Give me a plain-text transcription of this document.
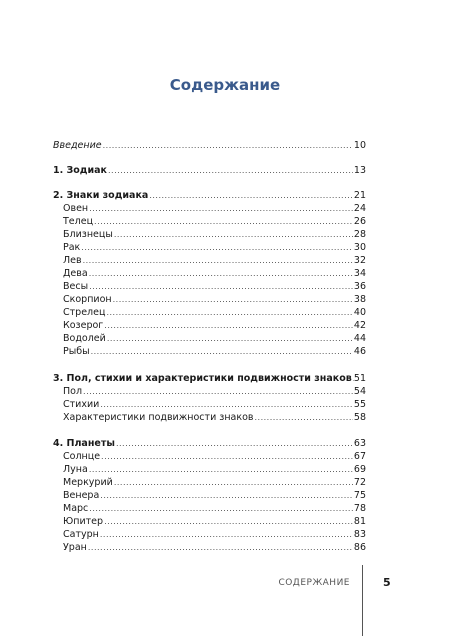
Содержание
Введение .....	10
1. Зодиак .....	13
2. Знаки зодиака .....	21
Овен .....	24
Телец .....	26
Близнецы .....	28
Рак .....	30
Лев .....	32
Дева .....	34
Весы .....	36
Скорпион .....	38
Стрелец .....	40
Козерог .....	42
Водолей .....	44
Рыбы .....	46
3. Пол, стихии и характеристики подвижности знаков ..... 51
Пол .....	54
Стихии .....	55
Характеристики подвижности знаков .....	58
4. Планеты .....	63
Солнце .....	67
Луна .....	69
Меркурий .....	72
Венера .....	75
Марс .....	78
Юпитер .....	81
Сатурн .....	83
Уран .....	86
СОДЕРЖАНИЕ	5
